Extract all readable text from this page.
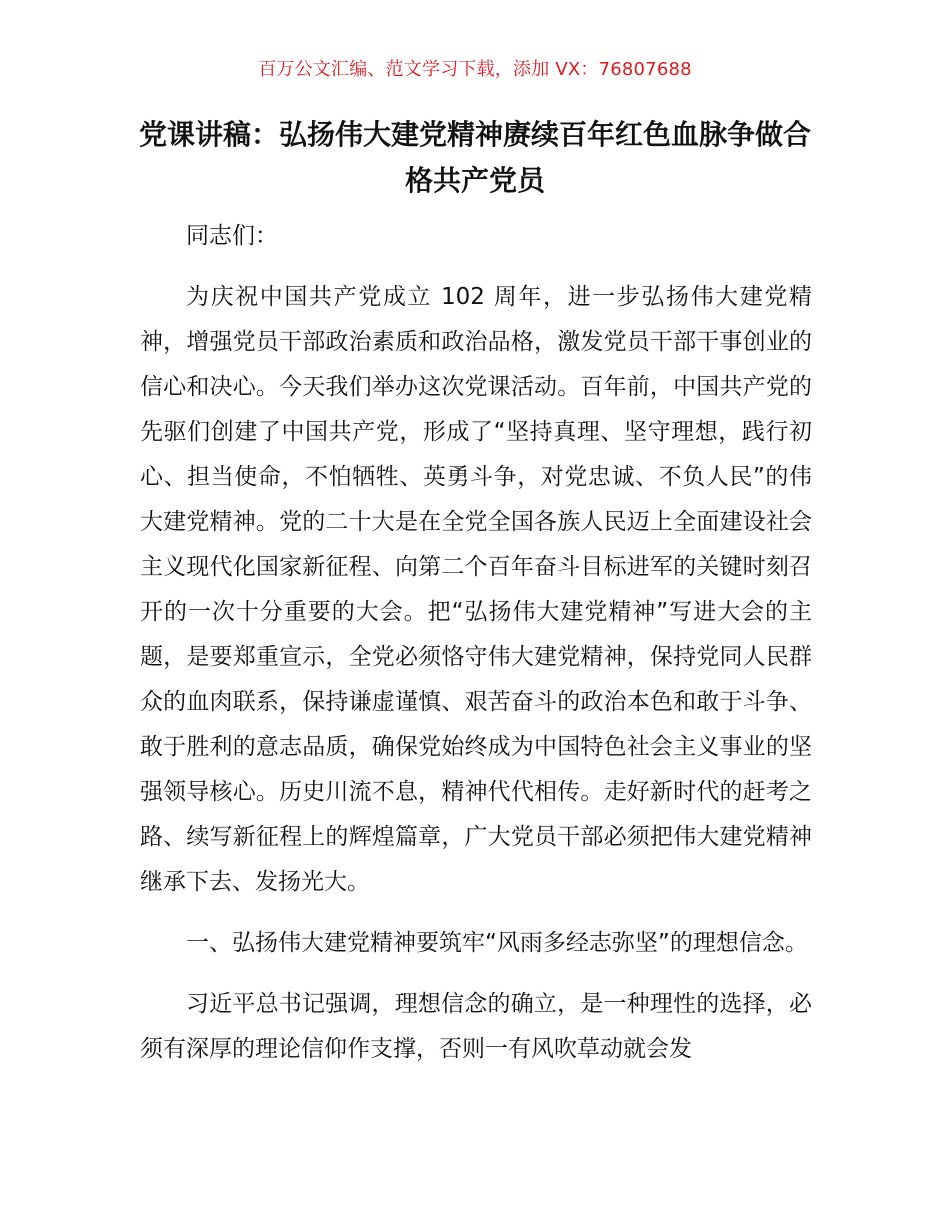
百万公文汇编、范文学习下载，添加 VX：76807688
党课讲稿：弘扬伟大建党精神赓续百年红色血脉争做合格共产党员

同志们：

为庆祝中国共产党成立 102 周年，进一步弘扬伟大建党精神，增强党员干部政治素质和政治品格，激发党员干部干事创业的信心和决心。今天我们举办这次党课活动。百年前，中国共产党的先驱们创建了中国共产党，形成了“坚持真理、坚守理想，践行初心、担当使命，不怕牺牲、英勇斗争，对党忠诚、不负人民”的伟大建党精神。党的二十大是在全党全国各族人民迈上全面建设社会主义现代化国家新征程、向第二个百年奋斗目标进军的关键时刻召开的一次十分重要的大会。把“弘扬伟大建党精神”写进大会的主题，是要郑重宣示，全党必须恪守伟大建党精神，保持党同人民群众的血肉联系，保持谦虚谨慎、艰苦奋斗的政治本色和敢于斗争、敢于胜利的意志品质，确保党始终成为中国特色社会主义事业的坚强领导核心。历史川流不息，精神代代相传。走好新时代的赶考之路、续写新征程上的辉煌篇章，广大党员干部必须把伟大建党精神继承下去、发扬光大。

一、弘扬伟大建党精神要筑牢“风雨多经志弥坚”的理想信念。

习近平总书记强调，理想信念的确立，是一种理性的选择，必须有深厚的理论信仰作支撑，否则一有风吹草动就会发
